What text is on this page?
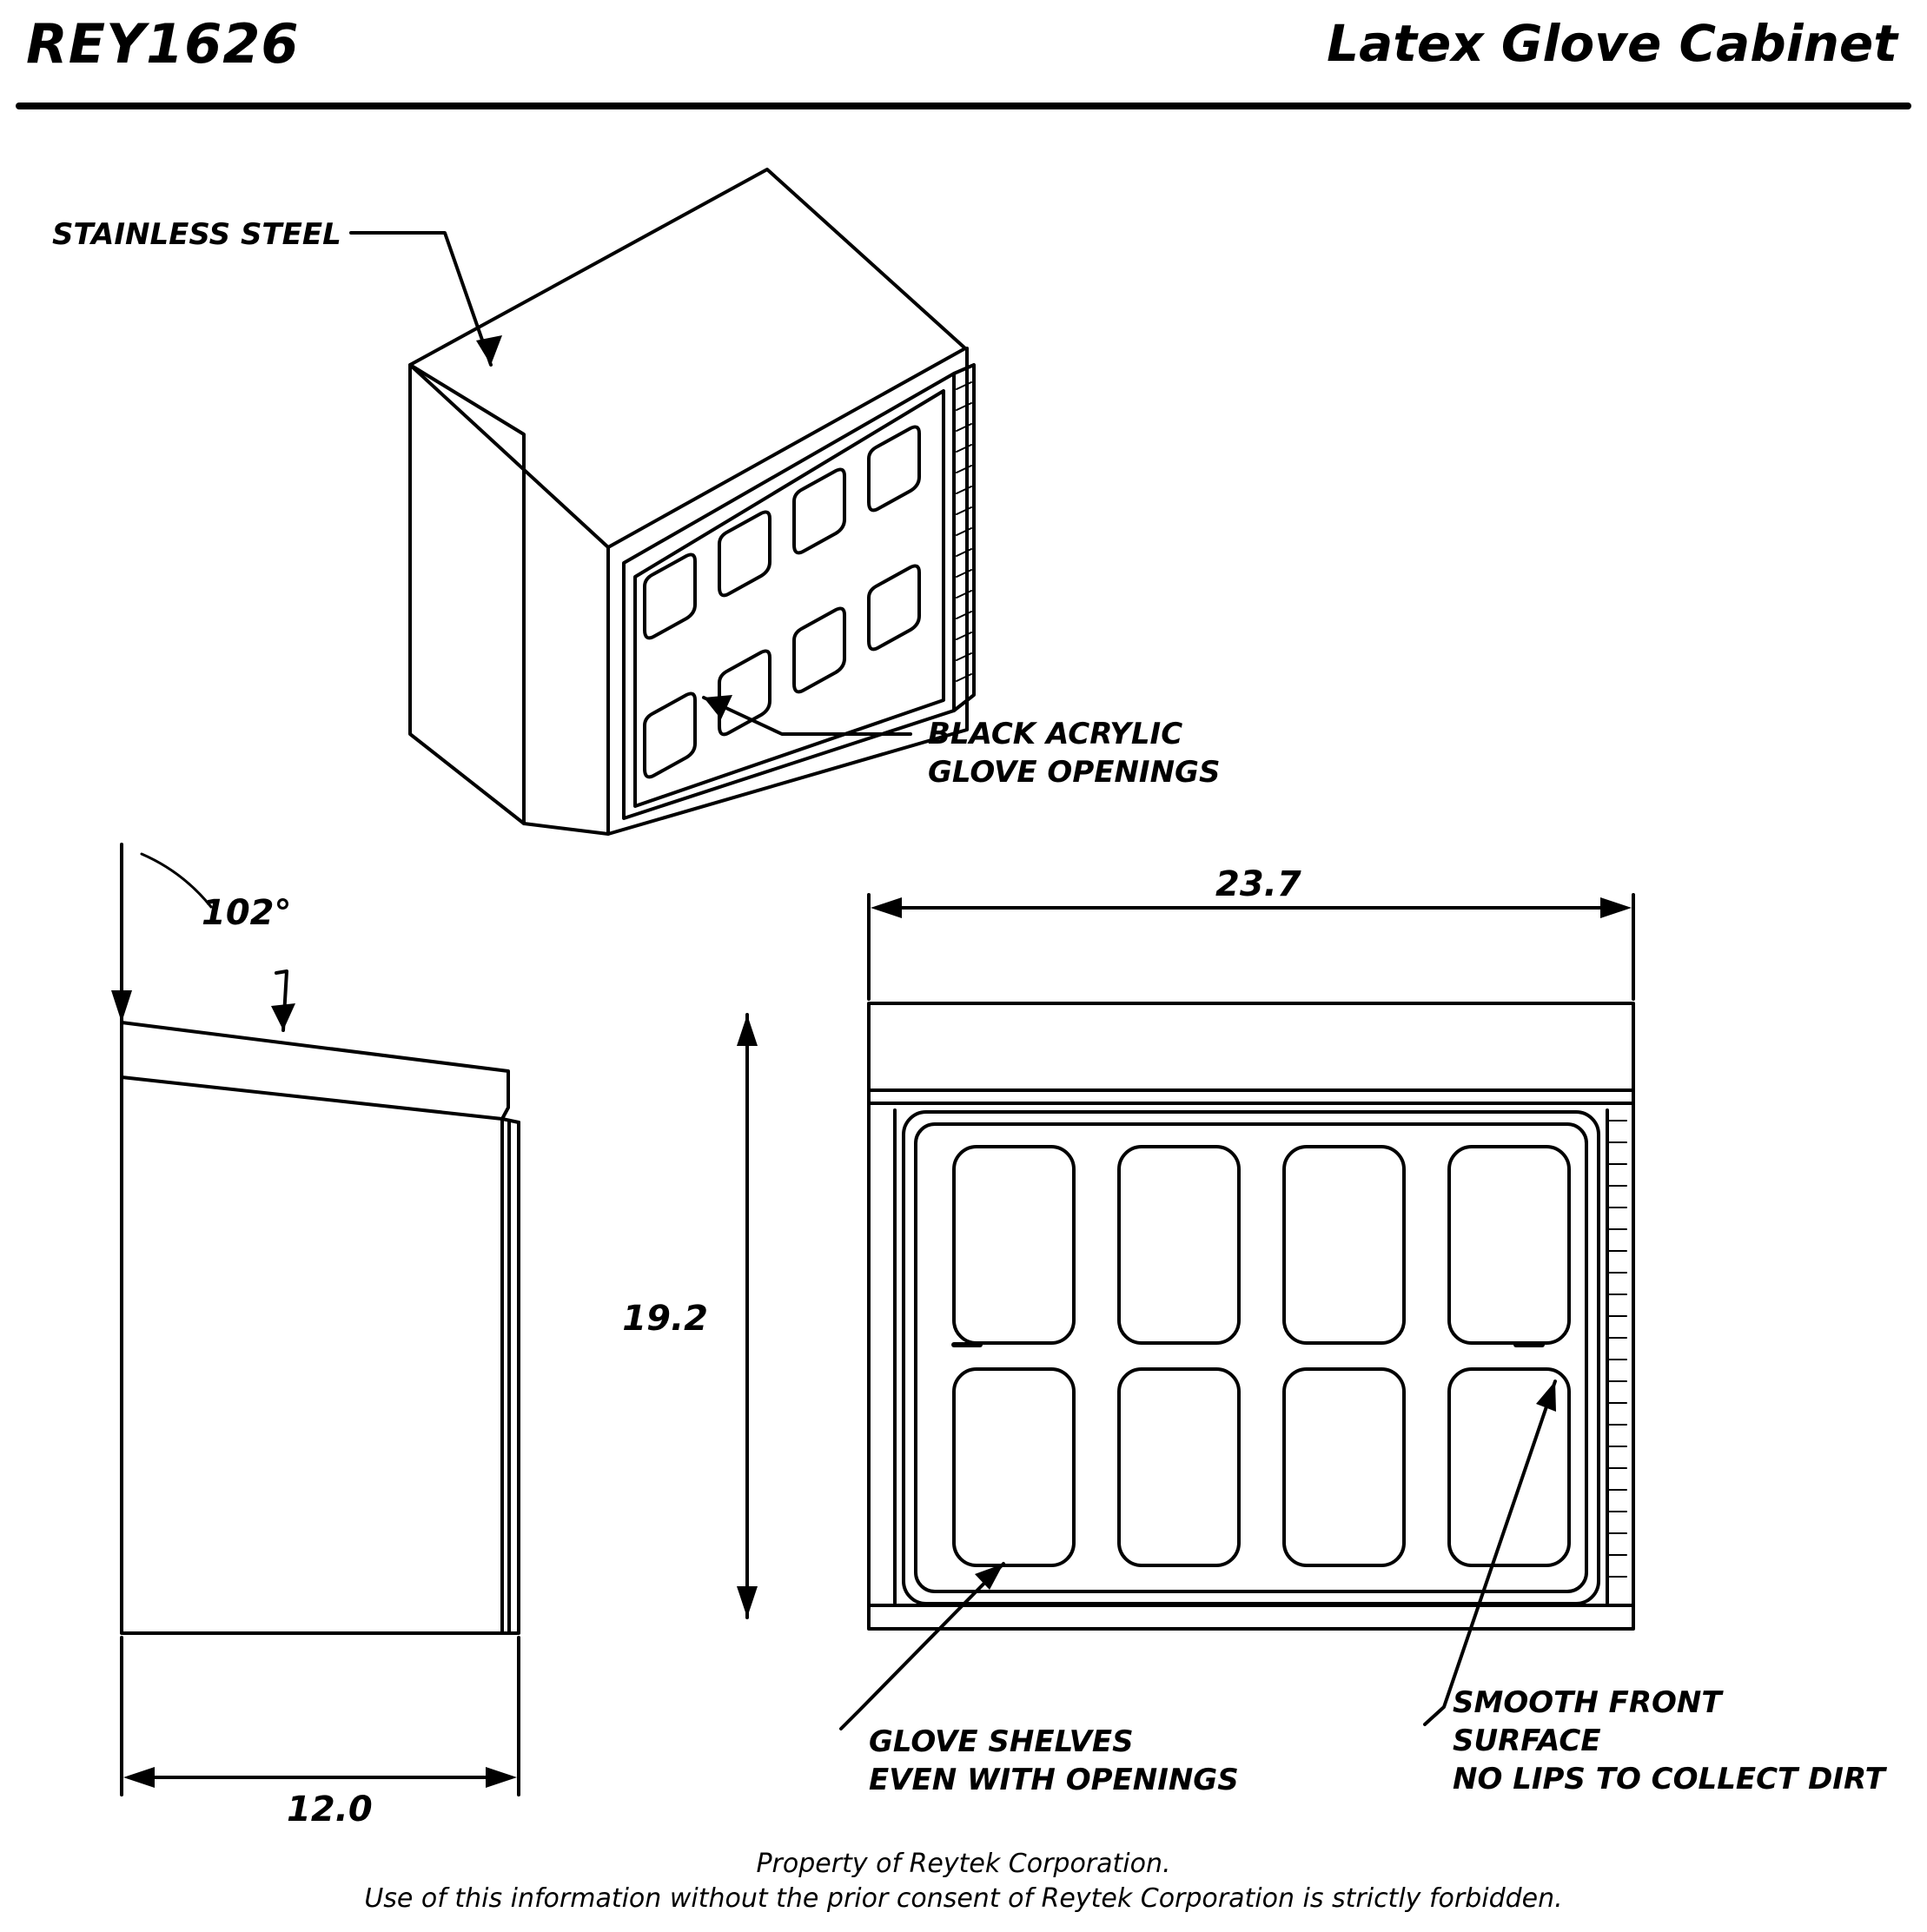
REY1626	Latex Glove Cabinet
STAINLESS STEEL
BLACK ACRYLIC
GLOVE OPENINGS
102°
23.7
19.2
12.0
GLOVE SHELVES
EVEN WITH OPENINGS
SMOOTH FRONT
SURFACE
NO LIPS TO COLLECT DIRT
Property of Reytek Corporation.
Use of this information without the prior consent of Reytek Corporation is strictly forbidden.
